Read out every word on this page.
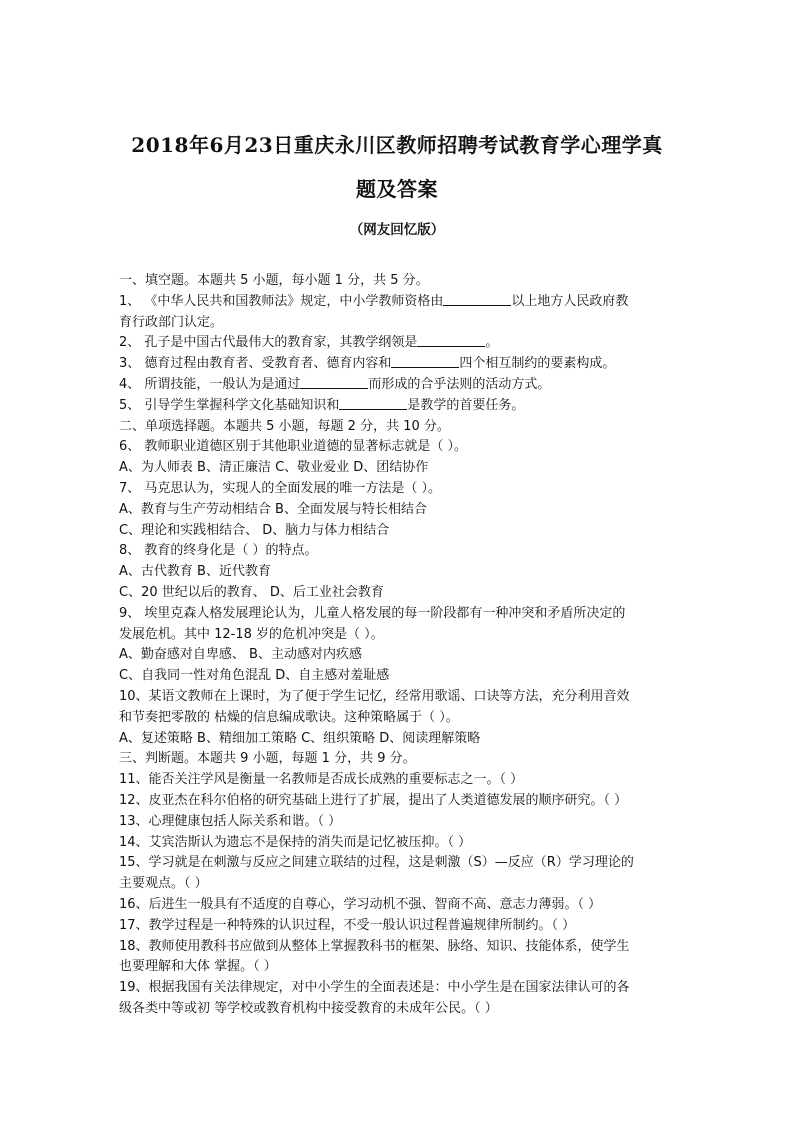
2018年6月23日重庆永川区教师招聘考试教育学心理学真
题及答案
（网友回忆版）
一、填空题。本题共 5 小题，每小题 1 分，共 5 分。
1、 《中华人民共和国教师法》规定，中小学教师资格由	以上地方人民政府教
育行政部门认定。
2、 孔子是中国古代最伟大的教育家，其教学纲领是	。
3、 德育过程由教育者、受教育者、德育内容和	四个相互制约的要素构成。
4、 所谓技能，一般认为是通过	而形成的合乎法则的活动方式。
5、 引导学生掌握科学文化基础知识和	是教学的首要任务。
二、单项选择题。本题共 5 小题，每题 2 分，共 10 分。
6、 教师职业道德区别于其他职业道德的显著标志就是（ ）。
A、为人师表 B、清正廉洁 C、敬业爱业 D、团结协作
7、 马克思认为，实现人的全面发展的唯一方法是（ ）。
A、教育与生产劳动相结合 B、全面发展与特长相结合
C、理论和实践相结合、 D、脑力与体力相结合
8、 教育的终身化是（ ）的特点。
A、古代教育 B、近代教育
C、20 世纪以后的教育、 D、后工业社会教育
9、 埃里克森人格发展理论认为，儿童人格发展的每一阶段都有一种冲突和矛盾所决定的
发展危机。其中 12-18 岁的危机冲突是（ ）。
A、勤奋感对自卑感、 B、主动感对内疚感
C、自我同一性对角色混乱 D、自主感对羞耻感
10、某语文教师在上课时，为了便于学生记忆，经常用歌谣、口诀等方法，充分利用音效
和节奏把零散的 枯燥的信息编成歌诀。这种策略属于（ ）。
A、复述策略 B、精细加工策略 C、组织策略 D、阅读理解策略
三、判断题。本题共 9 小题，每题 1 分，共 9 分。
11、能否关注学风是衡量一名教师是否成长成熟的重要标志之一。（ ）
12、皮亚杰在科尔伯格的研究基础上进行了扩展，提出了人类道德发展的顺序研究。（ ）
13、心理健康包括人际关系和谐。（ ）
14、艾宾浩斯认为遗忘不是保持的消失而是记忆被压抑。（ ）
15、学习就是在刺激与反应之间建立联结的过程，这是刺激（S）—反应（R）学习理论的
主要观点。（ ）
16、后进生一般具有不适度的自尊心，学习动机不强、智商不高、意志力薄弱。（ ）
17、教学过程是一种特殊的认识过程，不受一般认识过程普遍规律所制约。（ ）
18、教师使用教科书应做到从整体上掌握教科书的框架、脉络、知识、技能体系，使学生
也要理解和大体 掌握。（ ）
19、根据我国有关法律规定，对中小学生的全面表述是：中小学生是在国家法律认可的各
级各类中等或初 等学校或教育机构中接受教育的未成年公民。（ ）
